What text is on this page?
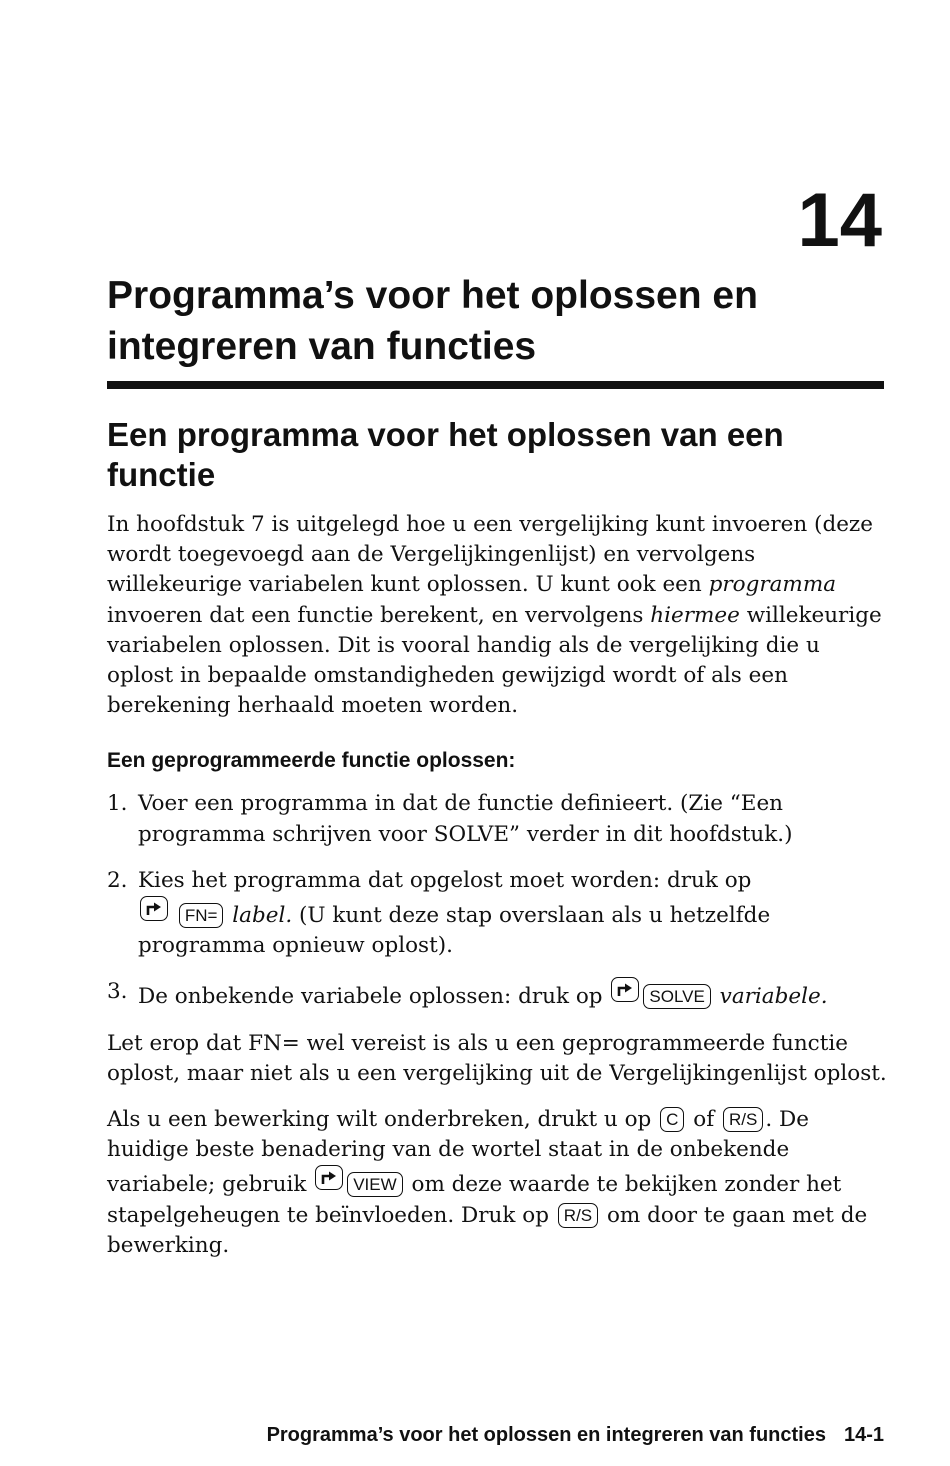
14
Programma’s voor het oplossen en integreren van functies
Een programma voor het oplossen van een functie

In hoofdstuk 7 is uitgelegd hoe u een vergelijking kunt invoeren (deze wordt toegevoegd aan de Vergelijkingenlijst) en vervolgens willekeurige variabelen kunt oplossen. U kunt ook een programma invoeren dat een functie berekent, en vervolgens hiermee willekeurige variabelen oplossen. Dit is vooral handig als de vergelijking die u oplost in bepaalde omstandigheden gewijzigd wordt of als een berekening herhaald moeten worden.

Een geprogrammeerde functie oplossen:

1. Voer een programma in dat de functie definieert. (Zie “Een programma schrijven voor SOLVE” verder in dit hoofdstuk.)
2. Kies het programma dat opgelost moet worden: druk op

FN= label. (U kunt deze stap overslaan als u hetzelfde programma opnieuw oplost).
3. De onbekende variabele oplossen: druk op
SOLVE variabele.

Let erop dat FN= wel vereist is als u een geprogrammeerde functie oplost, maar niet als u een vergelijking uit de Vergelijkingenlijst oplost.

Als u een bewerking wilt onderbreken, drukt u op C of R/S . De huidige beste benadering van de wortel staat in de onbekende variabele; gebruik
VIEW om deze waarde te bekijken zonder het stapelgeheugen te beïnvloeden. Druk op R/S om door te gaan met de bewerking.

Programma’s voor het oplossen en integreren van functies 14-1
